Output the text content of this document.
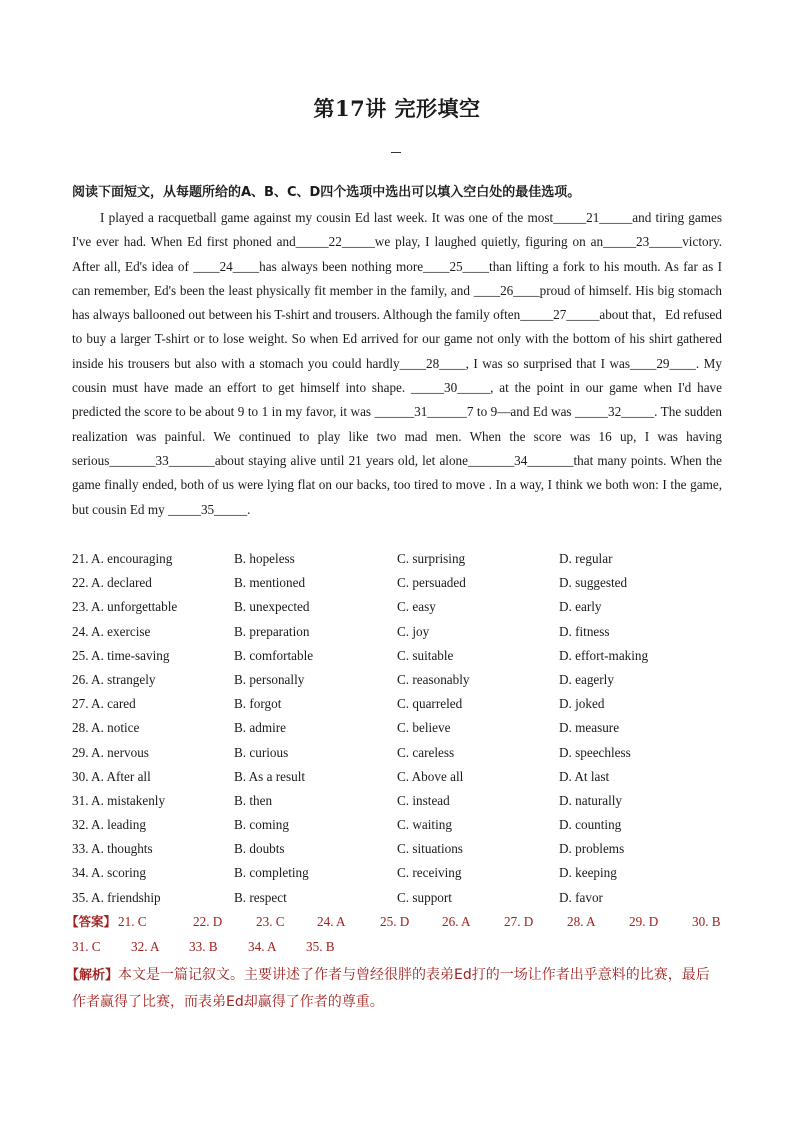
第17讲 完形填空
阅读下面短文，从每题所给的A、B、C、D四个选项中选出可以填入空白处的最佳选项。

I played a racquetball game against my cousin Ed last week. It was one of the most_____21_____and tiring games I've ever had. When Ed first phoned and_____22_____we play, I laughed quietly, figuring on an_____23_____victory. After all, Ed's idea of ____24____has always been nothing more____25____than lifting a fork to his mouth. As far as I can remember, Ed's been the least physically fit member in the family, and ____26____proud of himself. His big stomach has always ballooned out between his T-shirt and trousers. Although the family often_____27_____about that，Ed refused to buy a larger T-shirt or to lose weight. So when Ed arrived for our game not only with the bottom of his shirt gathered inside his trousers but also with a stomach you could hardly____28____, I was so surprised that I was____29____. My cousin must have made an effort to get himself into shape. _____30_____, at the point in our game when I'd have predicted the score to be about 9 to 1 in my favor, it was ______31______7 to 9—and Ed was _____32_____. The sudden realization was painful. We continued to play like two mad men. When the score was 16 up, I was having serious_______33_______about staying alive until 21 years old, let alone_______34_______that many points. When the game finally ended, both of us were lying flat on our backs, too tired to move . In a way, I think we both won: I the game, but cousin Ed my _____35_____.

21. A. encouraging	B. hopeless	C. surprising	D. regular
22. A. declared	B. mentioned	C. persuaded	D. suggested
23. A. unforgettable	B. unexpected	C. easy	D. early
24. A. exercise	B. preparation	C. joy	D. fitness
25. A. time-saving	B. comfortable	C. suitable	D. effort-making
26. A. strangely	B. personally	C. reasonably	D. eagerly
27. A. cared	B. forgot	C. quarreled	D. joked
28. A. notice	B. admire	C. believe	D. measure
29. A. nervous	B. curious	C. careless	D. speechless
30. A. After all	B. As a result	C. Above all	D. At last
31. A. mistakenly	B. then	C. instead	D. naturally
32. A. leading	B. coming	C. waiting	D. counting
33. A. thoughts	B. doubts	C. situations	D. problems
34. A. scoring	B. completing	C. receiving	D. keeping
35. A. friendship	B. respect	C. support	D. favor
【答案】 21. C	22. D	23. C 24. A	25. D 26. A	27. D	28. A	29. D	30. B
31. C 32. A 33. B 34. A 35. B
【解析】本文是一篇记叙文。主要讲述了作者与曾经很胖的表弟Ed打的一场让作者出乎意料的比赛，最后作者赢得了比赛，而表弟Ed却赢得了作者的尊重。
